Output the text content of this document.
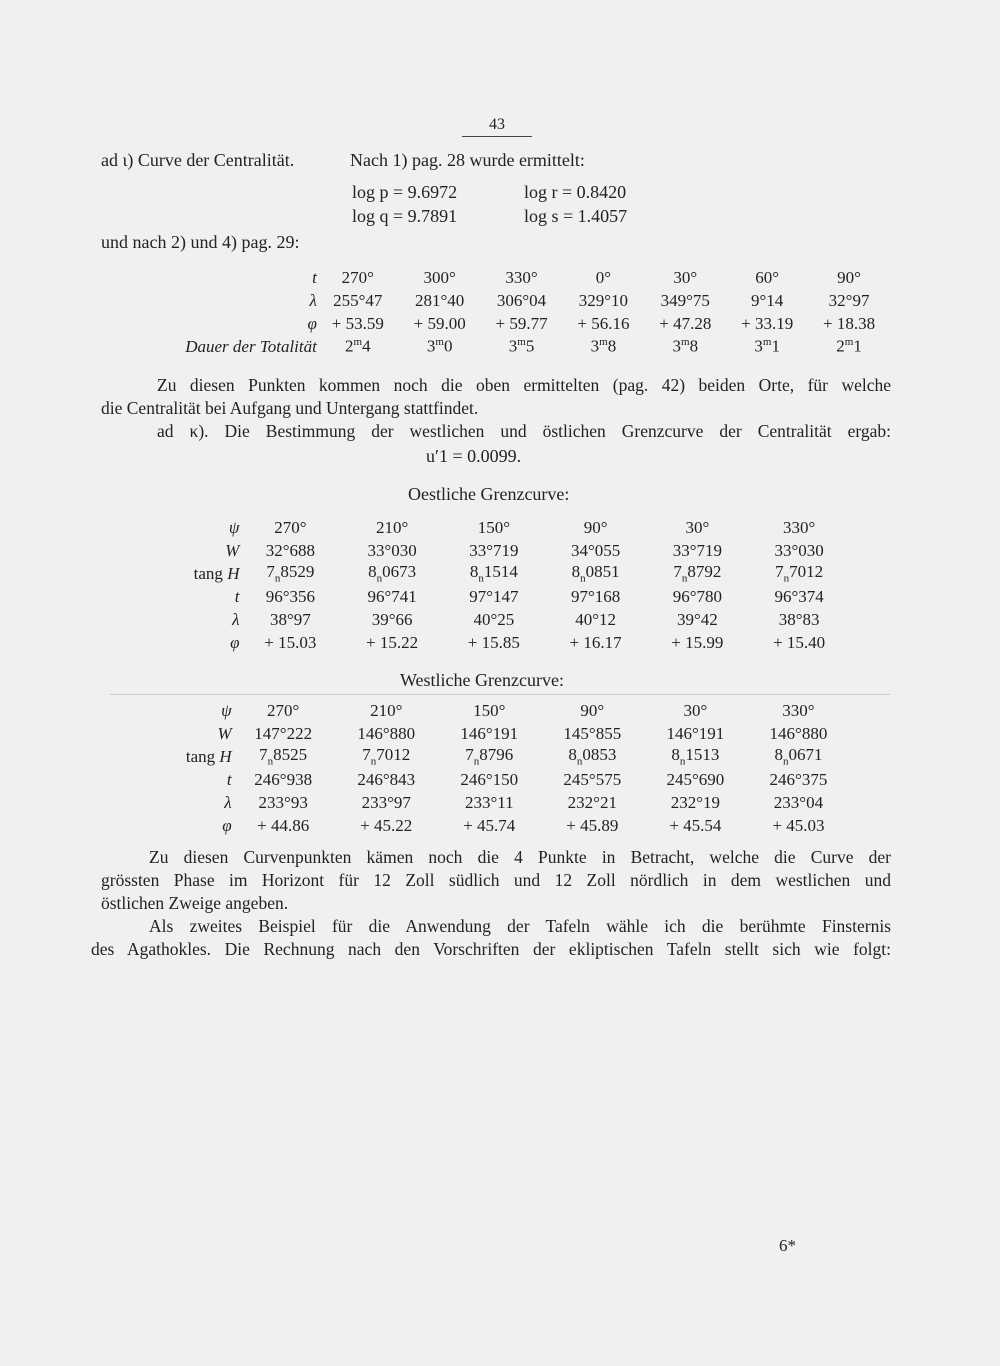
43
ad ι) Curve der Centralität.	Nach 1) pag. 28 wurde ermittelt:
log p = 9.6972	log r = 0.8420
log q = 9.7891	log s = 1.4057
und nach 2) und 4) pag. 29:
t	270°	300°	330°	0°	30°	60°	90°
λ	255°47	281°40	306°04	329°10	349°75	9°14	32°97
φ	+ 53.59	+ 59.00	+ 59.77	+ 56.16	+ 47.28	+ 33.19	+ 18.38
Dauer der Totalität	2$^m$4	3$^m$0	3$^m$5	3$^m$8	3$^m$8	3$^m$1	2$^m$1
Zu diesen Punkten kommen noch die oben ermittelten (pag. 42) beiden Orte, für welche
die Centralität bei Aufgang und Untergang stattfindet.
ad κ). Die Bestimmung der westlichen und östlichen Grenzcurve der Centralität ergab:
u′1 = 0.0099.
Oestliche Grenzcurve:
ψ	270°	210°	150°	90°	30°	330°
W	32°688	33°030	33°719	34°055	33°719	33°030
tang H	$7_n8529$	$8_n0673$	$8_n1514$	$8_n0851$	$7_n8792$	$7_n7012$
t	96°356	96°741	97°147	97°168	96°780	96°374
λ	38°97	39°66	40°25	40°12	39°42	38°83
φ	+ 15.03	+ 15.22	+ 15.85	+ 16.17	+ 15.99	+ 15.40
Westliche Grenzcurve:
ψ	270°	210°	150°	90°	30°	330°
W	147°222	146°880	146°191	145°855	146°191	146°880
tang H	$7_n8525$	$7_n7012$	$7_n8796$	$8_n0853$	$8_n1513$	$8_n0671$
t	246°938	246°843	246°150	245°575	245°690	246°375
λ	233°93	233°97	233°11	232°21	232°19	233°04
φ	+ 44.86	+ 45.22	+ 45.74	+ 45.89	+ 45.54	+ 45.03
Zu diesen Curvenpunkten kämen noch die 4 Punkte in Betracht, welche die Curve der
grössten Phase im Horizont für 12 Zoll südlich und 12 Zoll nördlich in dem westlichen und
östlichen Zweige angeben.
Als zweites Beispiel für die Anwendung der Tafeln wähle ich die berühmte Finsternis
des Agathokles. Die Rechnung nach den Vorschriften der ekliptischen Tafeln stellt sich wie folgt:
6*
